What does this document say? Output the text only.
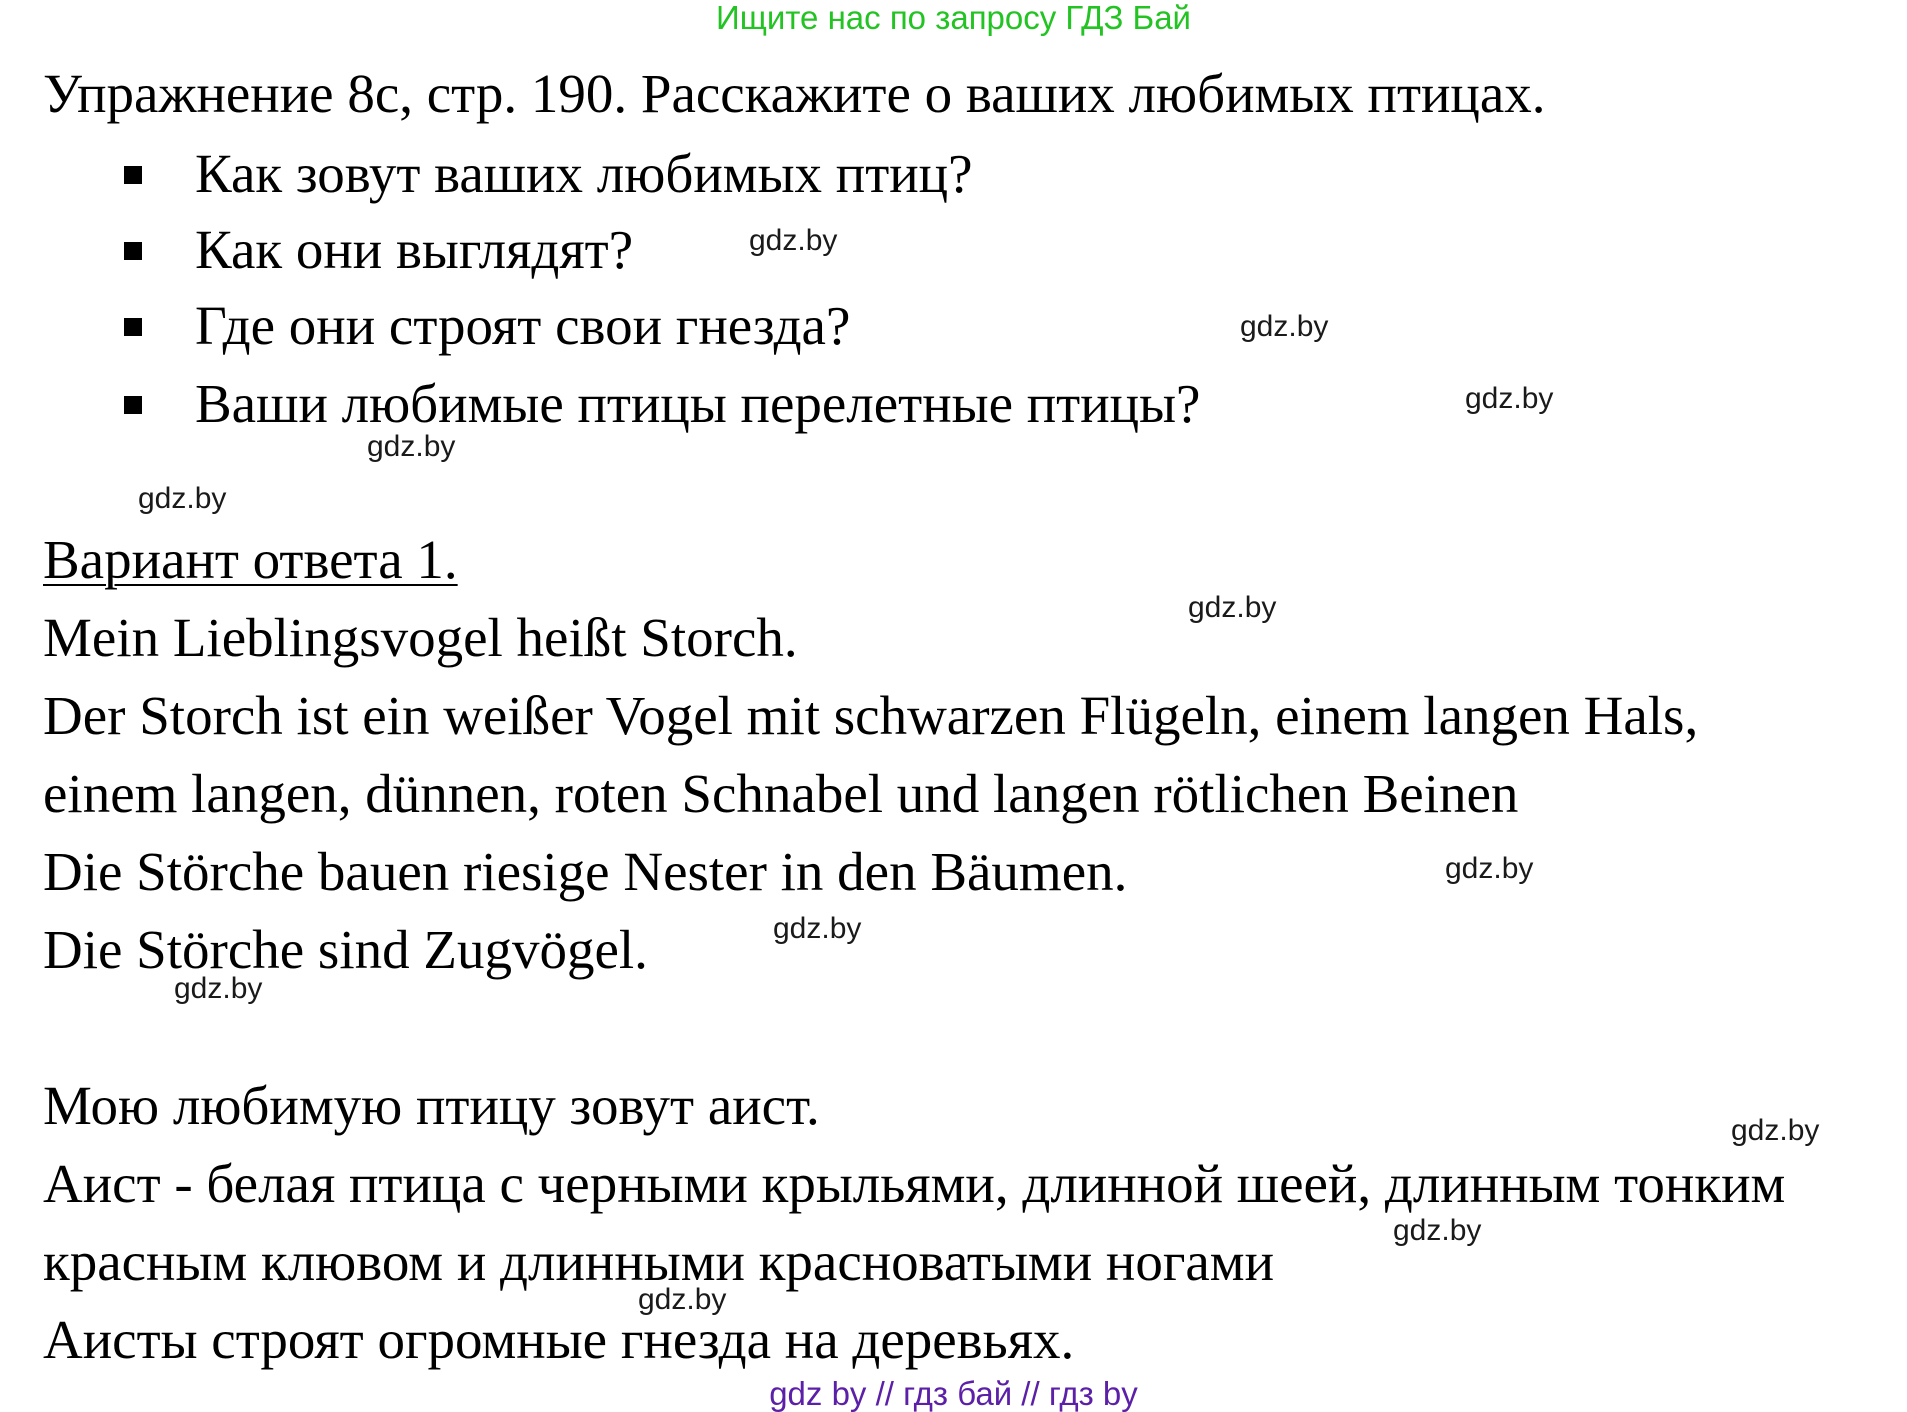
Ищите нас по запросу ГДЗ Бай
Упражнение 8с, стр. 190. Расскажите о ваших любимых птицах.
Как зовут ваших любимых птиц?
Как они выглядят?
Где они строят свои гнезда?
Ваши любимые птицы перелетные птицы?
Вариант ответа 1.
Mein Lieblingsvogel heißt Storch.
Der Storch ist ein weißer Vogel mit schwarzen Flügeln, einem langen Hals,
einem langen, dünnen, roten Schnabel und langen rötlichen Beinen
Die Störche bauen riesige Nester in den Bäumen.
Die Störche sind Zugvögel.
Мою любимую птицу зовут аист.
Аист - белая птица с черными крыльями, длинной шеей, длинным тонким
красным клювом и длинными красноватыми ногами
Аисты строят огромные гнезда на деревьях.
gdz.by
gdz.by
gdz.by
gdz.by
gdz.by
gdz.by
gdz.by
gdz.by
gdz.by
gdz.by
gdz.by
gdz.by
gdz by // гдз бай // гдз by
